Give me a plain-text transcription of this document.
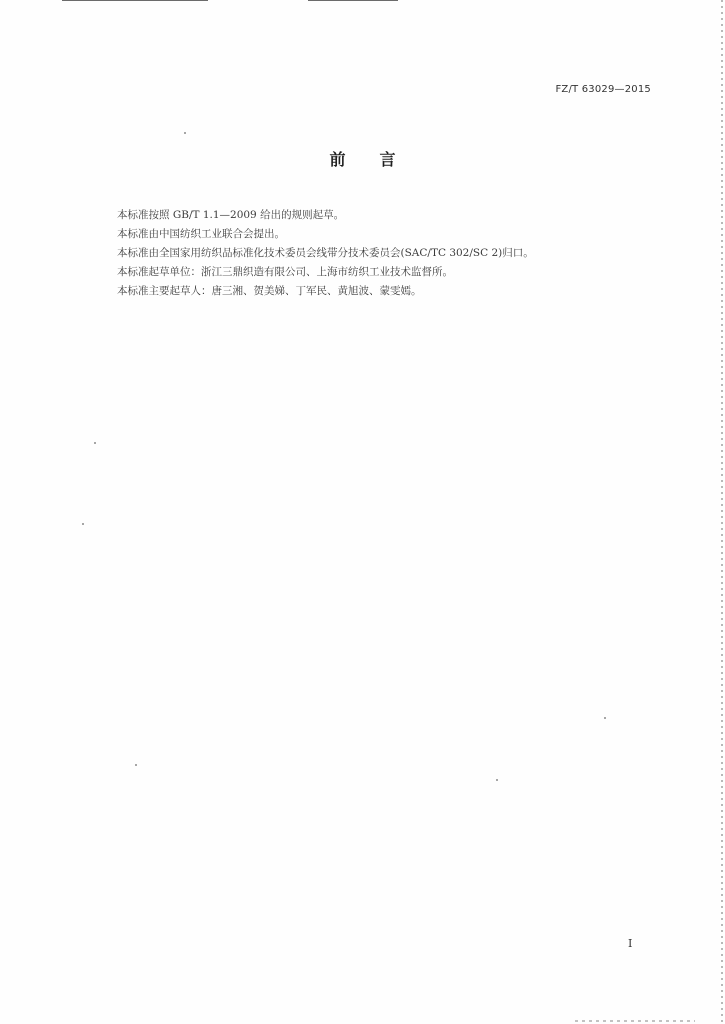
FZ/T 63029—2015
前言
本标准按照 GB/T 1.1—2009 给出的规则起草。
本标准由中国纺织工业联合会提出。
本标准由全国家用纺织品标准化技术委员会线带分技术委员会(SAC/TC 302/SC 2)归口。
本标准起草单位：浙江三鼎织造有限公司、上海市纺织工业技术监督所。
本标准主要起草人：唐三湘、贺美娣、丁军民、黄旭波、蒙雯嫣。
I
